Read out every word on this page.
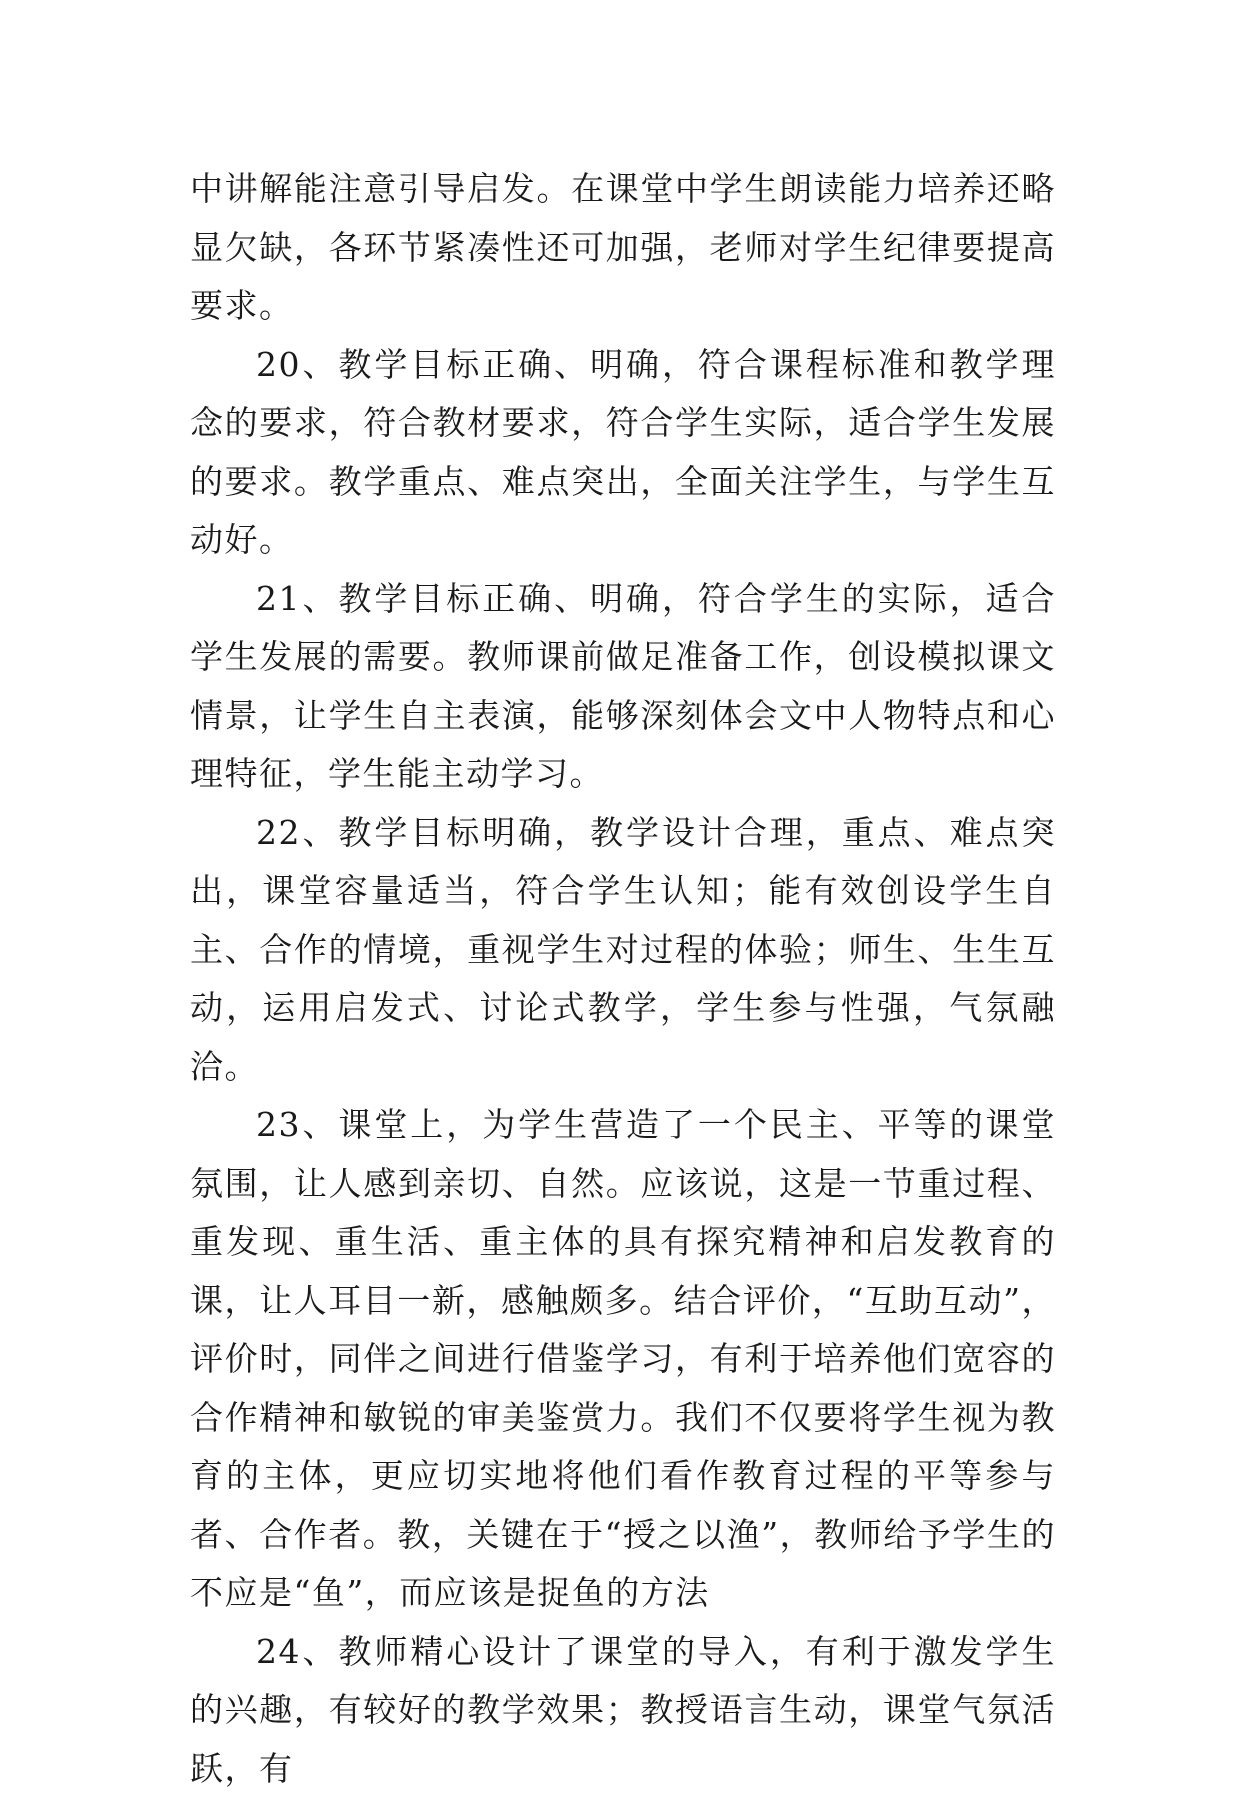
中讲解能注意引导启发。在课堂中学生朗读能力培养还略显欠缺，各环节紧凑性还可加强，老师对学生纪律要提高要求。

20、教学目标正确、明确，符合课程标准和教学理念的要求，符合教材要求，符合学生实际，适合学生发展的要求。教学重点、难点突出，全面关注学生，与学生互动好。

21、教学目标正确、明确，符合学生的实际，适合学生发展的需要。教师课前做足准备工作，创设模拟课文情景，让学生自主表演，能够深刻体会文中人物特点和心理特征，学生能主动学习。

22、教学目标明确，教学设计合理，重点、难点突出，课堂容量适当，符合学生认知；能有效创设学生自主、合作的情境，重视学生对过程的体验；师生、生生互动，运用启发式、讨论式教学，学生参与性强，气氛融洽。

23、课堂上，为学生营造了一个民主、平等的课堂氛围，让人感到亲切、自然。应该说，这是一节重过程、重发现、重生活、重主体的具有探究精神和启发教育的课，让人耳目一新，感触颇多。结合评价，“互助互动”，评价时，同伴之间进行借鉴学习，有利于培养他们宽容的合作精神和敏锐的审美鉴赏力。我们不仅要将学生视为教育的主体，更应切实地将他们看作教育过程的平等参与者、合作者。教，关键在于“授之以渔”，教师给予学生的不应是“鱼”，而应该是捉鱼的方法

24、教师精心设计了课堂的导入，有利于激发学生的兴趣，有较好的教学效果；教授语言生动，课堂气氛活跃，有
